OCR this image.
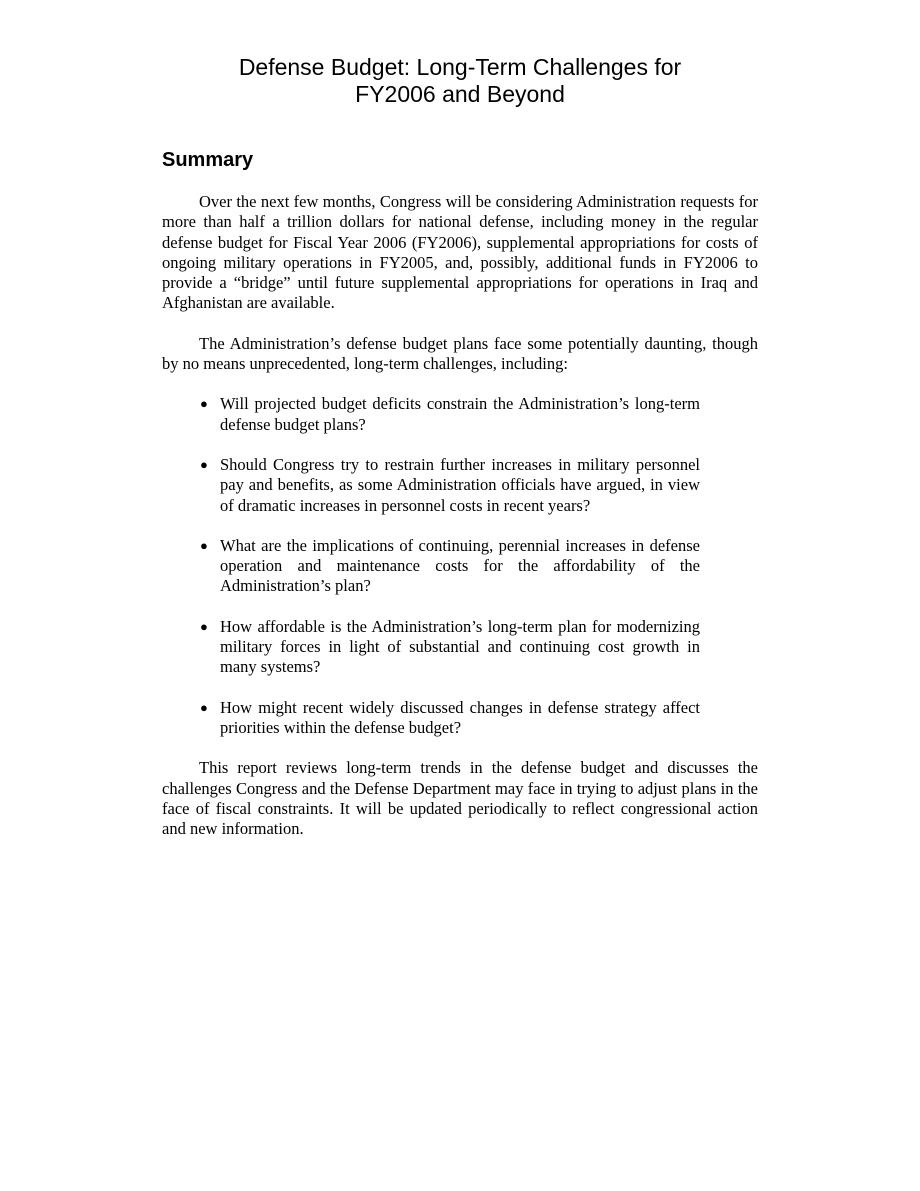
Defense Budget: Long-Term Challenges for
FY2006 and Beyond
Summary

Over the next few months, Congress will be considering Administration requests for more than half a trillion dollars for national defense, including money in the regular defense budget for Fiscal Year 2006 (FY2006), supplemental appropriations for costs of ongoing military operations in FY2005, and, possibly, additional funds in FY2006 to provide a “bridge” until future supplemental appropriations for operations in Iraq and Afghanistan are available.

The Administration’s defense budget plans face some potentially daunting, though by no means unprecedented, long-term challenges, including:

● Will projected budget deficits constrain the Administration’s long-term defense budget plans?
● Should Congress try to restrain further increases in military personnel pay and benefits, as some Administration officials have argued, in view of dramatic increases in personnel costs in recent years?
● What are the implications of continuing, perennial increases in defense operation and maintenance costs for the affordability of the Administration’s plan?
● How affordable is the Administration’s long-term plan for modernizing military forces in light of substantial and continuing cost growth in many systems?
● How might recent widely discussed changes in defense strategy affect priorities within the defense budget?

This report reviews long-term trends in the defense budget and discusses the challenges Congress and the Defense Department may face in trying to adjust plans in the face of fiscal constraints. It will be updated periodically to reflect congressional action and new information.
